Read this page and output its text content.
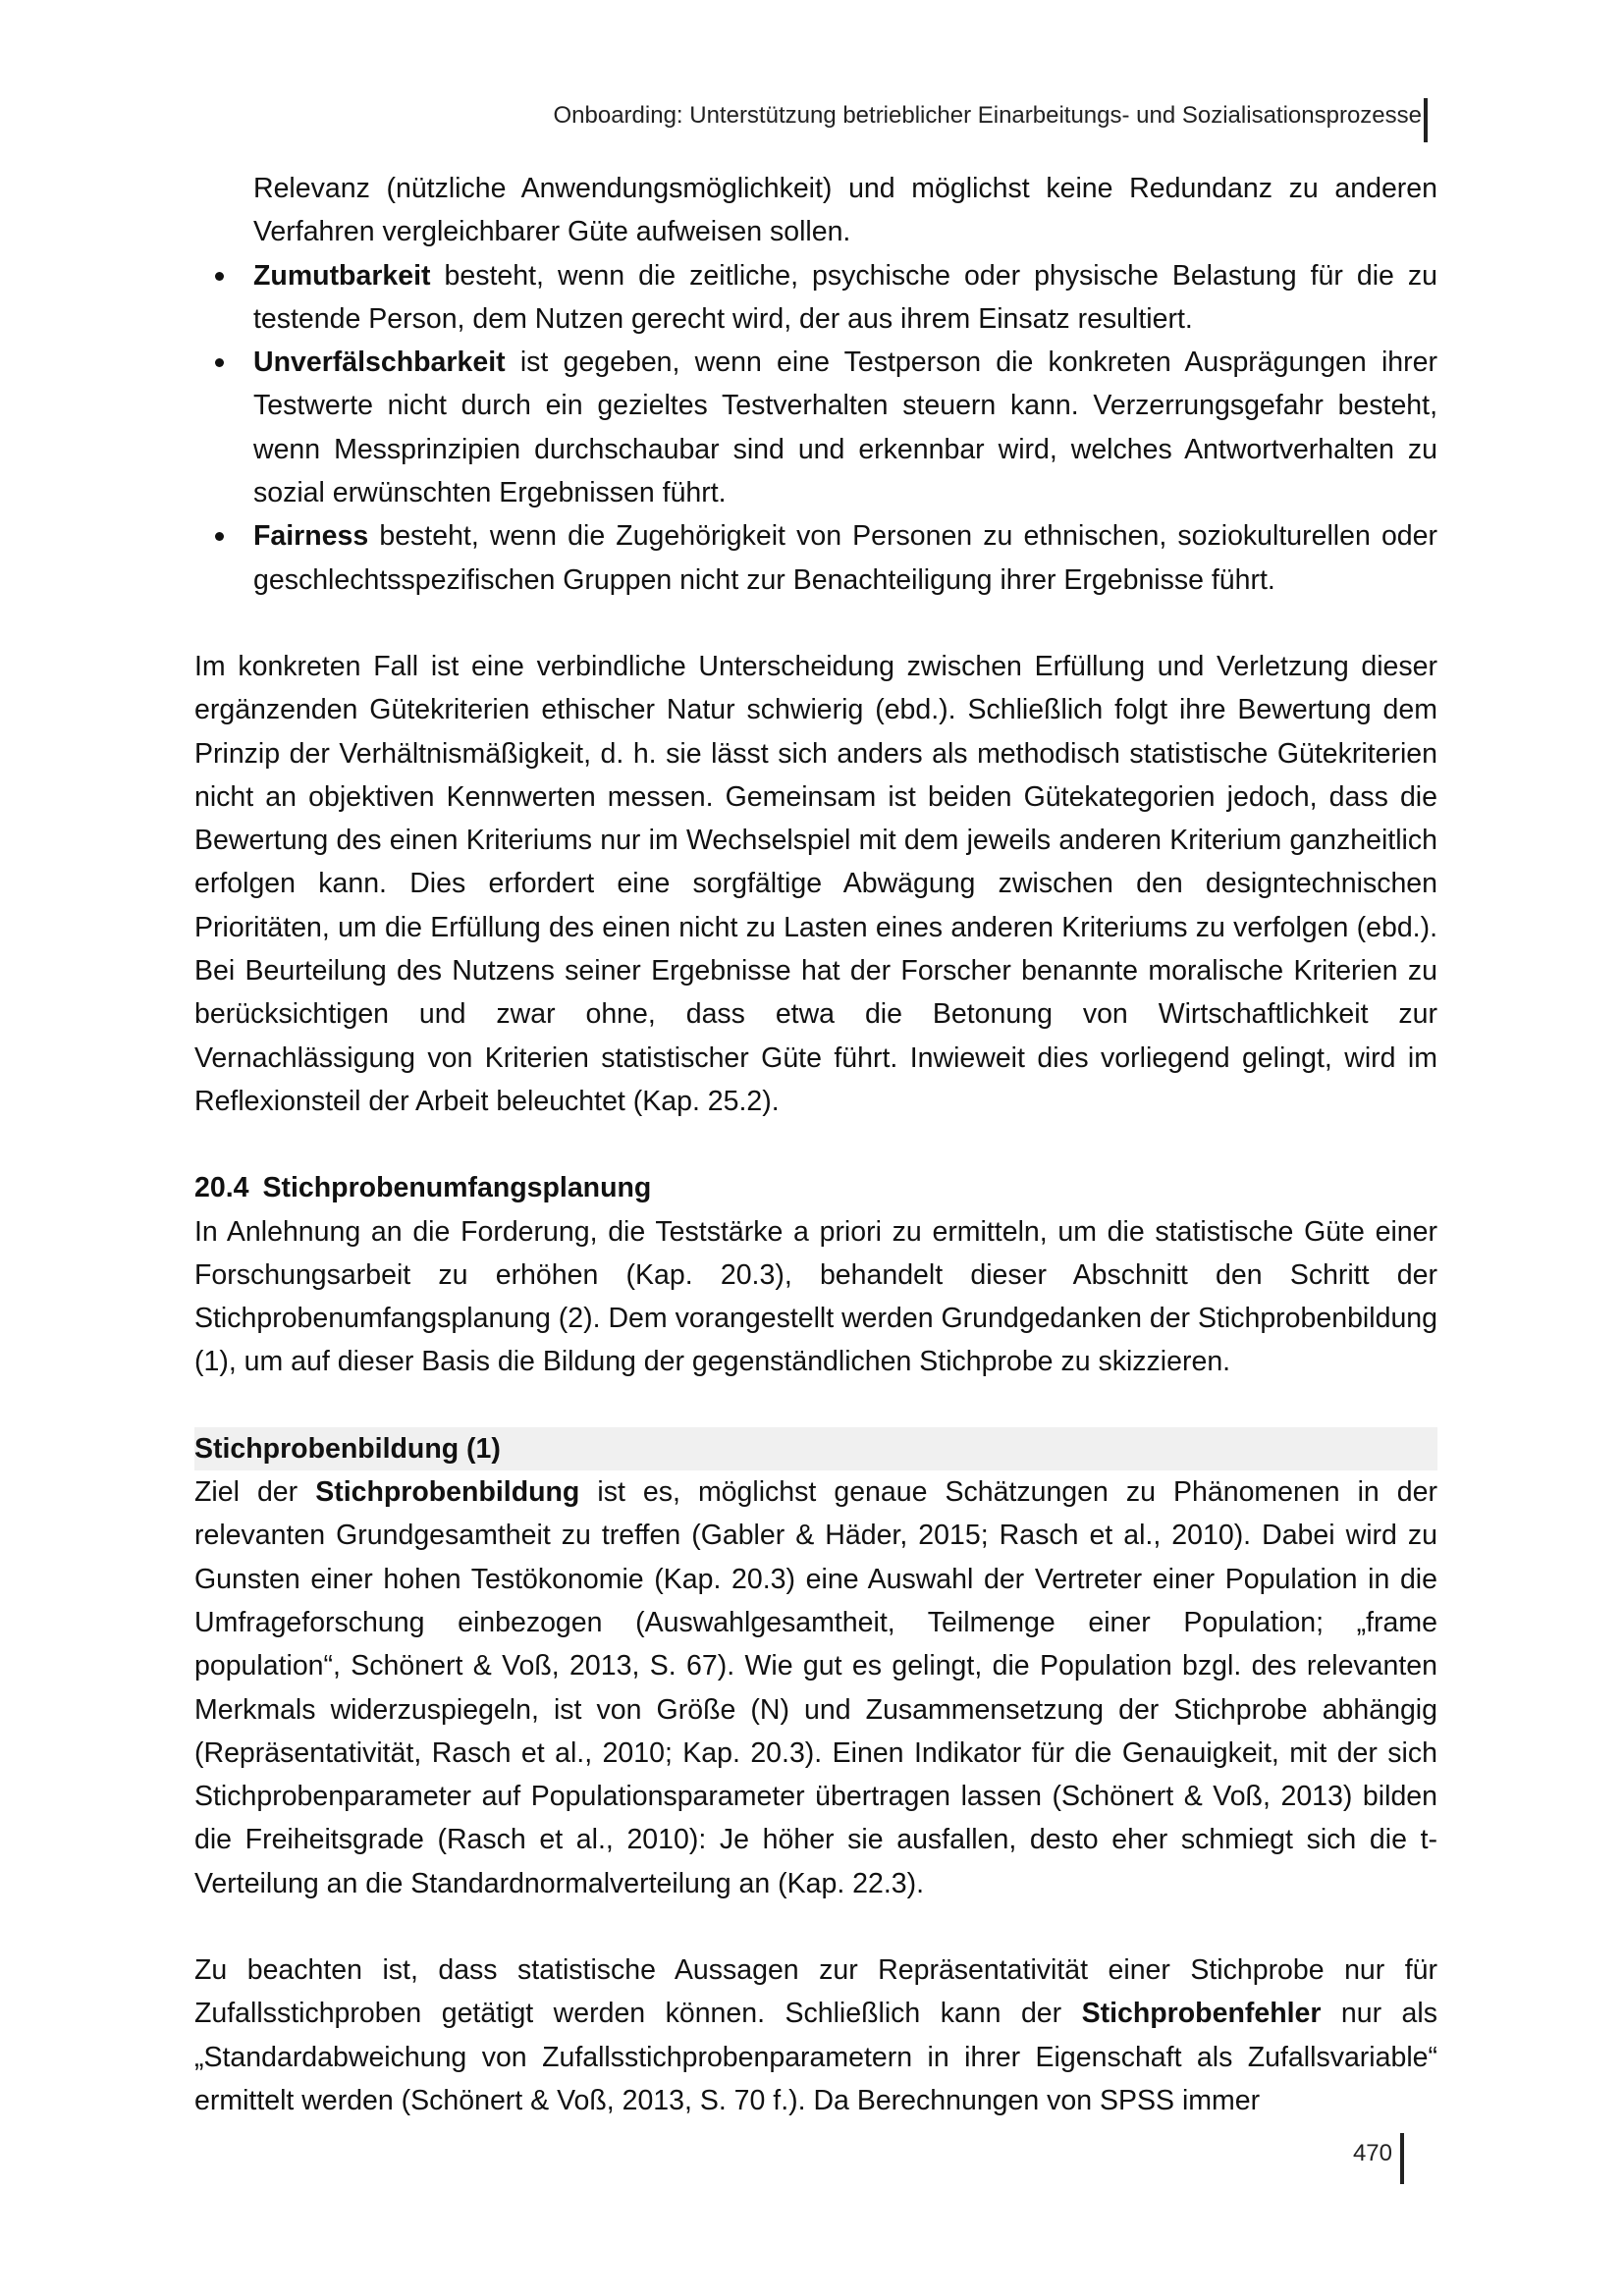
Onboarding: Unterstützung betrieblicher Einarbeitungs- und Sozialisationsprozesse

Relevanz (nützliche Anwendungsmöglichkeit) und möglichst keine Redundanz zu anderen Verfahren vergleichbarer Güte aufweisen sollen.

Zumutbarkeit besteht, wenn die zeitliche, psychische oder physische Belastung für die zu testende Person, dem Nutzen gerecht wird, der aus ihrem Einsatz resultiert.
Unverfälschbarkeit ist gegeben, wenn eine Testperson die konkreten Ausprägungen ihrer Testwerte nicht durch ein gezieltes Testverhalten steuern kann. Verzerrungsgefahr besteht, wenn Messprinzipien durchschaubar sind und erkennbar wird, welches Antwortverhalten zu sozial erwünschten Ergebnissen führt.
Fairness besteht, wenn die Zugehörigkeit von Personen zu ethnischen, soziokulturellen oder geschlechtsspezifischen Gruppen nicht zur Benachteiligung ihrer Ergebnisse führt.

Im konkreten Fall ist eine verbindliche Unterscheidung zwischen Erfüllung und Verletzung dieser ergänzenden Gütekriterien ethischer Natur schwierig (ebd.). Schließlich folgt ihre Bewertung dem Prinzip der Verhältnismäßigkeit, d. h. sie lässt sich anders als methodisch statistische Gütekriterien nicht an objektiven Kennwerten messen. Gemeinsam ist beiden Gütekategorien jedoch, dass die Bewertung des einen Kriteriums nur im Wechselspiel mit dem jeweils anderen Kriterium ganzheitlich erfolgen kann. Dies erfordert eine sorgfältige Abwägung zwischen den designtechnischen Prioritäten, um die Erfüllung des einen nicht zu Lasten eines anderen Kriteriums zu verfolgen (ebd.). Bei Beurteilung des Nutzens seiner Ergebnisse hat der Forscher benannte moralische Kriterien zu berücksichtigen und zwar ohne, dass etwa die Betonung von Wirtschaftlichkeit zur Vernachlässigung von Kriterien statistischer Güte führt. Inwieweit dies vorliegend gelingt, wird im Reflexionsteil der Arbeit beleuchtet (Kap. 25.2).

20.4 Stichprobenumfangsplanung

In Anlehnung an die Forderung, die Teststärke a priori zu ermitteln, um die statistische Güte einer Forschungsarbeit zu erhöhen (Kap. 20.3), behandelt dieser Abschnitt den Schritt der Stichprobenumfangsplanung (2). Dem vorangestellt werden Grundgedanken der Stichprobenbildung (1), um auf dieser Basis die Bildung der gegenständlichen Stichprobe zu skizzieren.

Stichprobenbildung (1)

Ziel der Stichprobenbildung ist es, möglichst genaue Schätzungen zu Phänomenen in der relevanten Grundgesamtheit zu treffen (Gabler & Häder, 2015; Rasch et al., 2010). Dabei wird zu Gunsten einer hohen Testökonomie (Kap. 20.3) eine Auswahl der Vertreter einer Population in die Umfrageforschung einbezogen (Auswahlgesamtheit, Teilmenge einer Population; „frame population“, Schönert & Voß, 2013, S. 67). Wie gut es gelingt, die Population bzgl. des relevanten Merkmals widerzuspiegeln, ist von Größe (N) und Zusammensetzung der Stichprobe abhängig (Repräsentativität, Rasch et al., 2010; Kap. 20.3). Einen Indikator für die Genauigkeit, mit der sich Stichprobenparameter auf Populationsparameter übertragen lassen (Schönert & Voß, 2013) bilden die Freiheitsgrade (Rasch et al., 2010): Je höher sie ausfallen, desto eher schmiegt sich die t-Verteilung an die Standardnormalverteilung an (Kap. 22.3).

Zu beachten ist, dass statistische Aussagen zur Repräsentativität einer Stichprobe nur für Zufallsstichproben getätigt werden können. Schließlich kann der Stichprobenfehler nur als „Standardabweichung von Zufallsstichprobenparametern in ihrer Eigenschaft als Zufallsvariable“ ermittelt werden (Schönert & Voß, 2013, S. 70 f.). Da Berechnungen von SPSS immer

470
